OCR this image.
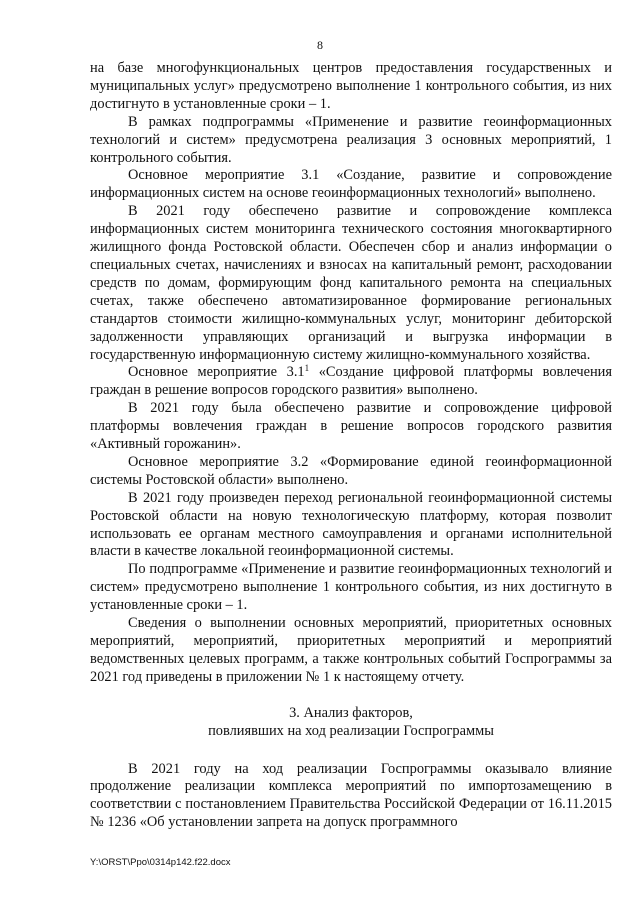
8

на базе многофункциональных центров предоставления государственных и муниципальных услуг» предусмотрено выполнение 1 контрольного события, из них достигнуто в установленные сроки – 1.

В рамках подпрограммы «Применение и развитие геоинформационных технологий и систем» предусмотрена реализация 3 основных мероприятий, 1 контрольного события.

Основное мероприятие 3.1 «Создание, развитие и сопровождение информационных систем на основе геоинформационных технологий» выполнено.

В 2021 году обеспечено развитие и сопровождение комплекса информационных систем мониторинга технического состояния многоквартирного жилищного фонда Ростовской области. Обеспечен сбор и анализ информации о специальных счетах, начислениях и взносах на капитальный ремонт, расходовании средств по домам, формирующим фонд капитального ремонта на специальных счетах, также обеспечено автоматизированное формирование региональных стандартов стоимости жилищно-коммунальных услуг, мониторинг дебиторской задолженности управляющих организаций и выгрузка информации в государственную информационную систему жилищно-коммунального хозяйства.

Основное мероприятие $3.1^1$ «Создание цифровой платформы вовлечения граждан в решение вопросов городского развития» выполнено.

В 2021 году была обеспечено развитие и сопровождение цифровой платформы вовлечения граждан в решение вопросов городского развития «Активный горожанин».

Основное мероприятие 3.2 «Формирование единой геоинформационной системы Ростовской области» выполнено.

В 2021 году произведен переход региональной геоинформационной системы Ростовской области на новую технологическую платформу, которая позволит использовать ее органам местного самоуправления и органами исполнительной власти в качестве локальной геоинформационной системы.

По подпрограмме «Применение и развитие геоинформационных технологий и систем» предусмотрено выполнение 1 контрольного события, из них достигнуто в установленные сроки – 1.

Сведения о выполнении основных мероприятий, приоритетных основных мероприятий, мероприятий, приоритетных мероприятий и мероприятий ведомственных целевых программ, а также контрольных событий Госпрограммы за 2021 год приведены в приложении № 1 к настоящему отчету.

3. Анализ факторов,
повлиявших на ход реализации Госпрограммы

В 2021 году на ход реализации Госпрограммы оказывало влияние продолжение реализации комплекса мероприятий по импортозамещению в соответствии с постановлением Правительства Российской Федерации от 16.11.2015 № 1236 «Об установлении запрета на допуск программного

Y:\ORST\Ppo\0314p142.f22.docx
